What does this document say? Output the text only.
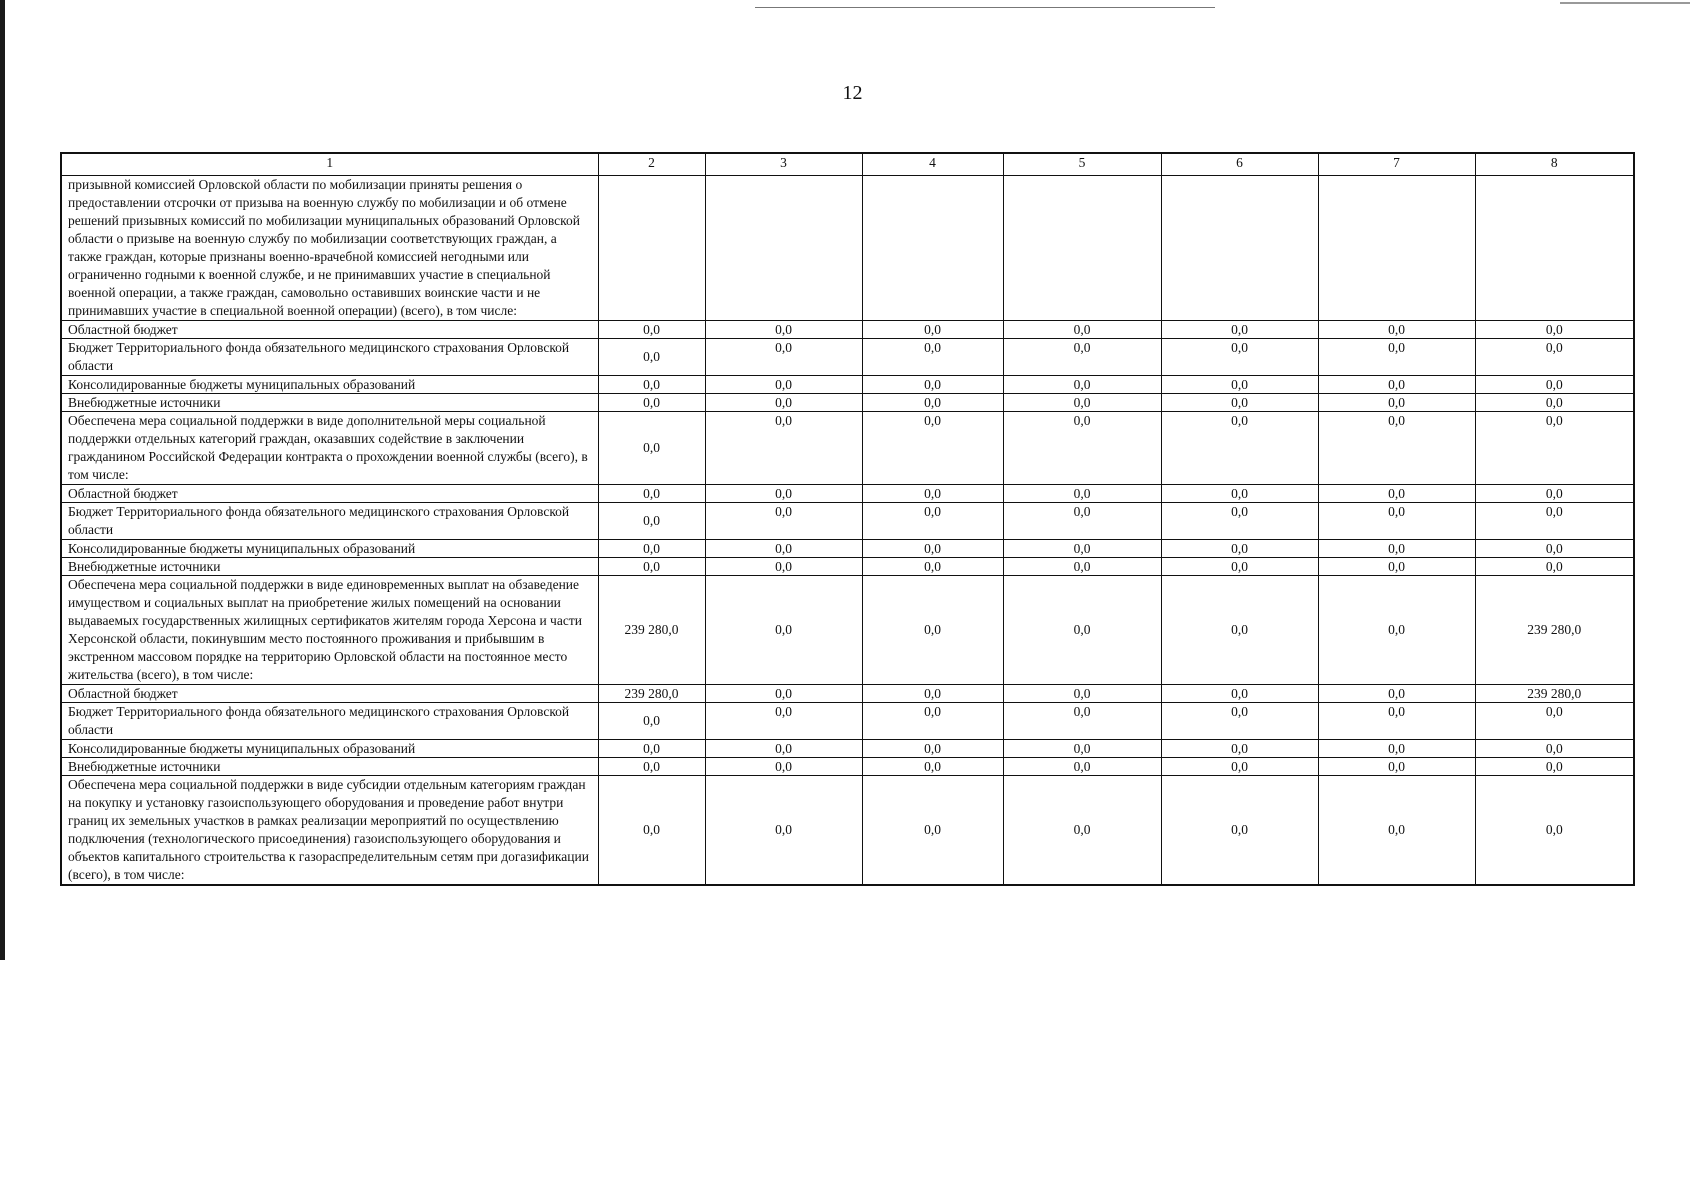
12
1	2	3	4	5	6	7	8
призывной комиссией Орловской области по мобилизации приняты решения о предоставлении отсрочки от призыва на военную службу по мобилизации и об отмене решений призывных комиссий по мобилизации муниципальных образований Орловской области о призыве на военную службу по мобилизации соответствующих граждан, а также граждан, которые признаны военно-врачебной комиссией негодными или ограниченно годными к военной службе, и не принимавших участие в специальной военной операции, а также граждан, самовольно оставивших воинские части и не принимавших участие в специальной военной операции) (всего), в том числе:							
Областной бюджет	0,0	0,0	0,0	0,0	0,0	0,0	0,0
Бюджет Территориального фонда обязательного медицинского страхования Орловской области	0,0	0,0	0,0	0,0	0,0	0,0	0,0
Консолидированные бюджеты муниципальных образований	0,0	0,0	0,0	0,0	0,0	0,0	0,0
Внебюджетные источники	0,0	0,0	0,0	0,0	0,0	0,0	0,0
Обеспечена мера социальной поддержки в виде дополнительной меры социальной поддержки отдельных категорий граждан, оказавших содействие в заключении гражданином Российской Федерации контракта о прохождении военной службы (всего), в том числе:	0,0	0,0	0,0	0,0	0,0	0,0	0,0
Областной бюджет	0,0	0,0	0,0	0,0	0,0	0,0	0,0
Бюджет Территориального фонда обязательного медицинского страхования Орловской области	0,0	0,0	0,0	0,0	0,0	0,0	0,0
Консолидированные бюджеты муниципальных образований	0,0	0,0	0,0	0,0	0,0	0,0	0,0
Внебюджетные источники	0,0	0,0	0,0	0,0	0,0	0,0	0,0
Обеспечена мера социальной поддержки в виде единовременных выплат на обзаведение имуществом и социальных выплат на приобретение жилых помещений на основании выдаваемых государственных жилищных сертификатов жителям города Херсона и части Херсонской области, покинувшим место постоянного проживания и прибывшим в экстренном массовом порядке на территорию Орловской области на постоянное место жительства (всего), в том числе:	239 280,0	0,0	0,0	0,0	0,0	0,0	239 280,0
Областной бюджет	239 280,0	0,0	0,0	0,0	0,0	0,0	239 280,0
Бюджет Территориального фонда обязательного медицинского страхования Орловской области	0,0	0,0	0,0	0,0	0,0	0,0	0,0
Консолидированные бюджеты муниципальных образований	0,0	0,0	0,0	0,0	0,0	0,0	0,0
Внебюджетные источники	0,0	0,0	0,0	0,0	0,0	0,0	0,0
Обеспечена мера социальной поддержки в виде субсидии отдельным категориям граждан на покупку и установку газоиспользующего оборудования и проведение работ внутри границ их земельных участков в рамках реализации мероприятий по осуществлению подключения (технологического присоединения) газоиспользующего оборудования и объектов капитального строительства к газораспределительным сетям при догазификации (всего), в том числе:	0,0	0,0	0,0	0,0	0,0	0,0	0,0
